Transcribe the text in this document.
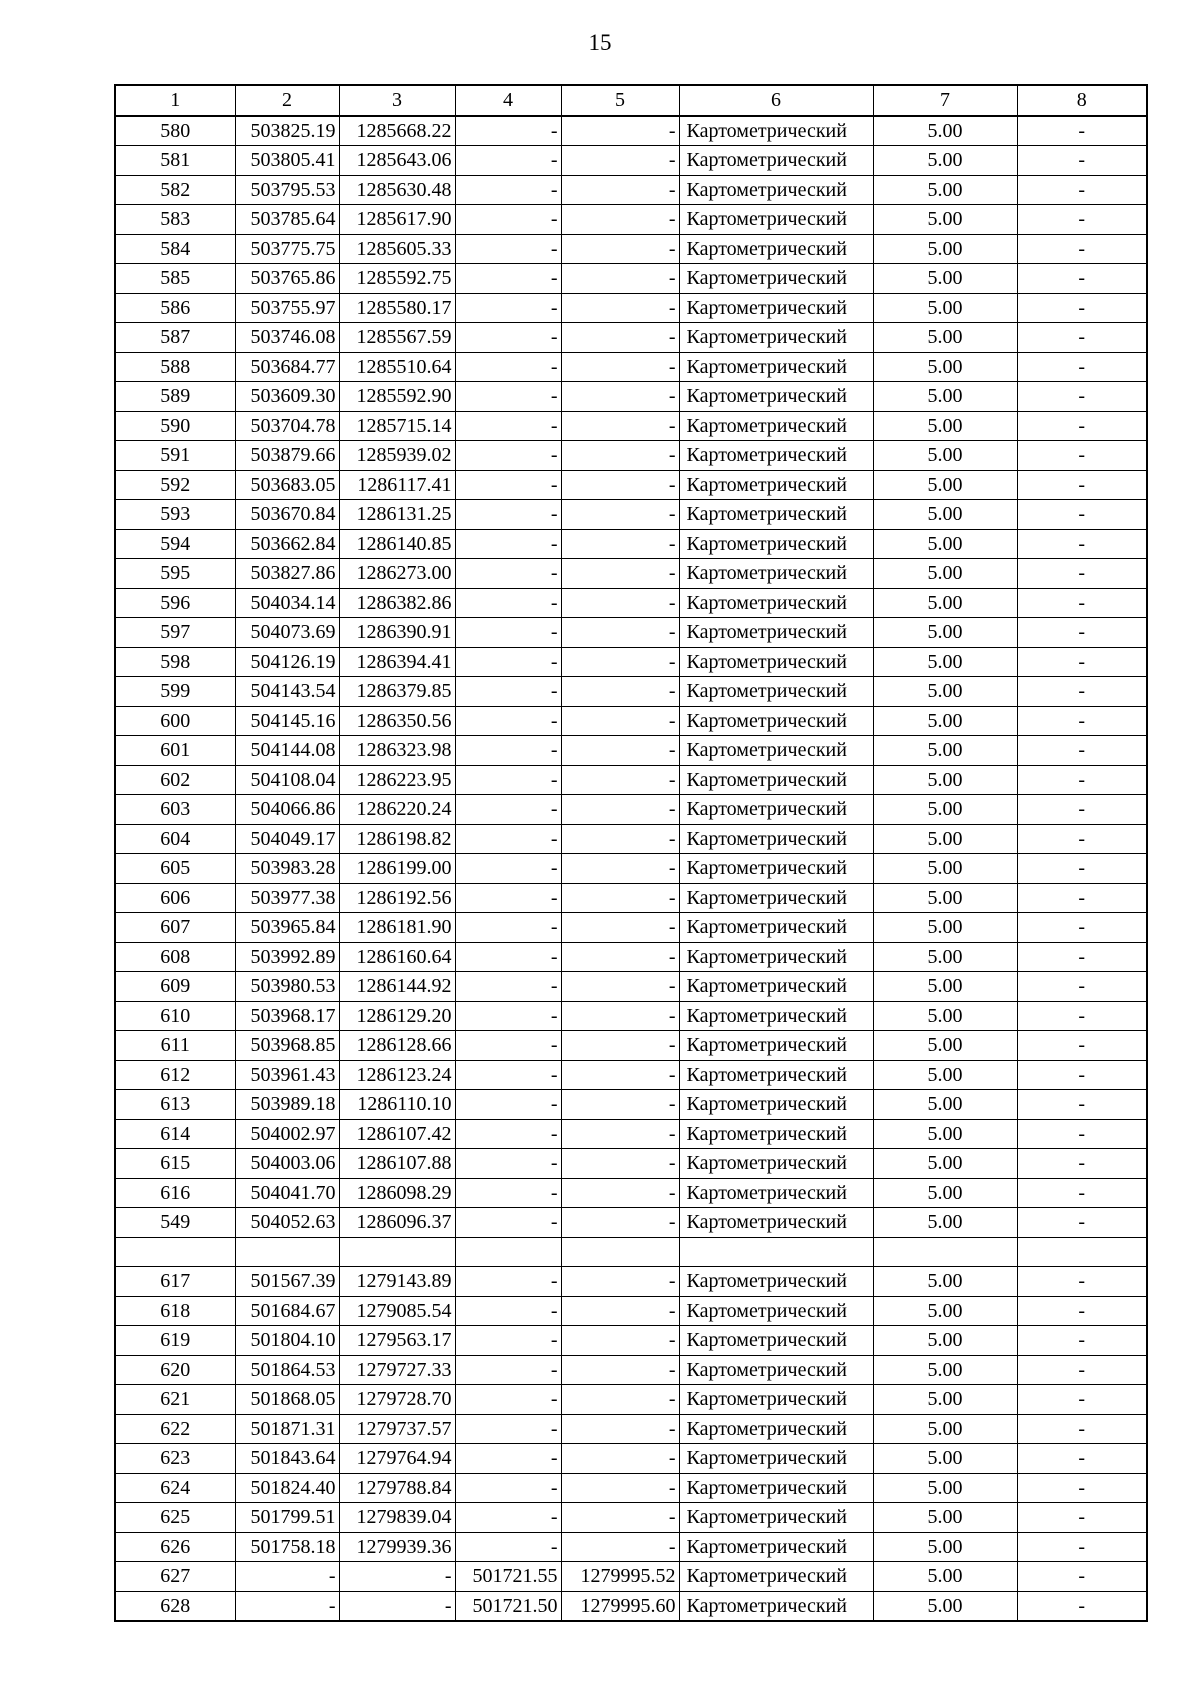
15
1	2	3	4	5	6	7	8
580	503825.19	1285668.22	-	-	Картометрический	5.00	-
581	503805.41	1285643.06	-	-	Картометрический	5.00	-
582	503795.53	1285630.48	-	-	Картометрический	5.00	-
583	503785.64	1285617.90	-	-	Картометрический	5.00	-
584	503775.75	1285605.33	-	-	Картометрический	5.00	-
585	503765.86	1285592.75	-	-	Картометрический	5.00	-
586	503755.97	1285580.17	-	-	Картометрический	5.00	-
587	503746.08	1285567.59	-	-	Картометрический	5.00	-
588	503684.77	1285510.64	-	-	Картометрический	5.00	-
589	503609.30	1285592.90	-	-	Картометрический	5.00	-
590	503704.78	1285715.14	-	-	Картометрический	5.00	-
591	503879.66	1285939.02	-	-	Картометрический	5.00	-
592	503683.05	1286117.41	-	-	Картометрический	5.00	-
593	503670.84	1286131.25	-	-	Картометрический	5.00	-
594	503662.84	1286140.85	-	-	Картометрический	5.00	-
595	503827.86	1286273.00	-	-	Картометрический	5.00	-
596	504034.14	1286382.86	-	-	Картометрический	5.00	-
597	504073.69	1286390.91	-	-	Картометрический	5.00	-
598	504126.19	1286394.41	-	-	Картометрический	5.00	-
599	504143.54	1286379.85	-	-	Картометрический	5.00	-
600	504145.16	1286350.56	-	-	Картометрический	5.00	-
601	504144.08	1286323.98	-	-	Картометрический	5.00	-
602	504108.04	1286223.95	-	-	Картометрический	5.00	-
603	504066.86	1286220.24	-	-	Картометрический	5.00	-
604	504049.17	1286198.82	-	-	Картометрический	5.00	-
605	503983.28	1286199.00	-	-	Картометрический	5.00	-
606	503977.38	1286192.56	-	-	Картометрический	5.00	-
607	503965.84	1286181.90	-	-	Картометрический	5.00	-
608	503992.89	1286160.64	-	-	Картометрический	5.00	-
609	503980.53	1286144.92	-	-	Картометрический	5.00	-
610	503968.17	1286129.20	-	-	Картометрический	5.00	-
611	503968.85	1286128.66	-	-	Картометрический	5.00	-
612	503961.43	1286123.24	-	-	Картометрический	5.00	-
613	503989.18	1286110.10	-	-	Картометрический	5.00	-
614	504002.97	1286107.42	-	-	Картометрический	5.00	-
615	504003.06	1286107.88	-	-	Картометрический	5.00	-
616	504041.70	1286098.29	-	-	Картометрический	5.00	-
549	504052.63	1286096.37	-	-	Картометрический	5.00	-

617	501567.39	1279143.89	-	-	Картометрический	5.00	-
618	501684.67	1279085.54	-	-	Картометрический	5.00	-
619	501804.10	1279563.17	-	-	Картометрический	5.00	-
620	501864.53	1279727.33	-	-	Картометрический	5.00	-
621	501868.05	1279728.70	-	-	Картометрический	5.00	-
622	501871.31	1279737.57	-	-	Картометрический	5.00	-
623	501843.64	1279764.94	-	-	Картометрический	5.00	-
624	501824.40	1279788.84	-	-	Картометрический	5.00	-
625	501799.51	1279839.04	-	-	Картометрический	5.00	-
626	501758.18	1279939.36	-	-	Картометрический	5.00	-
627	-	-	501721.55	1279995.52	Картометрический	5.00	-
628	-	-	501721.50	1279995.60	Картометрический	5.00	-
